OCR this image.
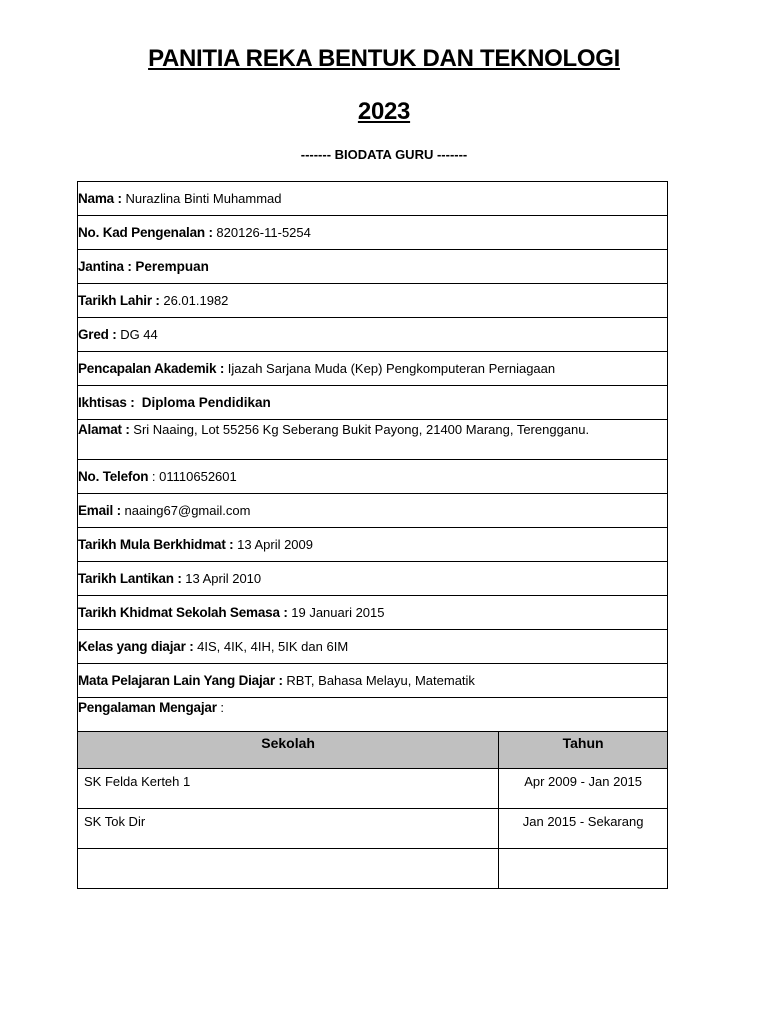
PANITIA REKA BENTUK DAN TEKNOLOGI
2023
------- BIODATA GURU -------
Nama : Nurazlina Binti Muhammad
No. Kad Pengenalan : 820126-11-5254
Jantina : Perempuan
Tarikh Lahir : 26.01.1982
Gred : DG 44
Pencapalan Akademik : Ijazah Sarjana Muda (Kep) Pengkomputeran Perniagaan
Ikhtisas : Diploma Pendidikan
Alamat : Sri Naaing, Lot 55256 Kg Seberang Bukit Payong, 21400 Marang, Terengganu.
No. Telefon : 01110652601
Email : naaing67@gmail.com
Tarikh Mula Berkhidmat : 13 April 2009
Tarikh Lantikan : 13 April 2010
Tarikh Khidmat Sekolah Semasa : 19 Januari 2015
Kelas yang diajar : 4IS, 4IK, 4IH, 5IK dan 6IM
Mata Pelajaran Lain Yang Diajar : RBT, Bahasa Melayu, Matematik
Pengalaman Mengajar :
Sekolah	Tahun
SK Felda Kerteh 1	Apr 2009 - Jan 2015
SK Tok Dir	Jan 2015 - Sekarang
